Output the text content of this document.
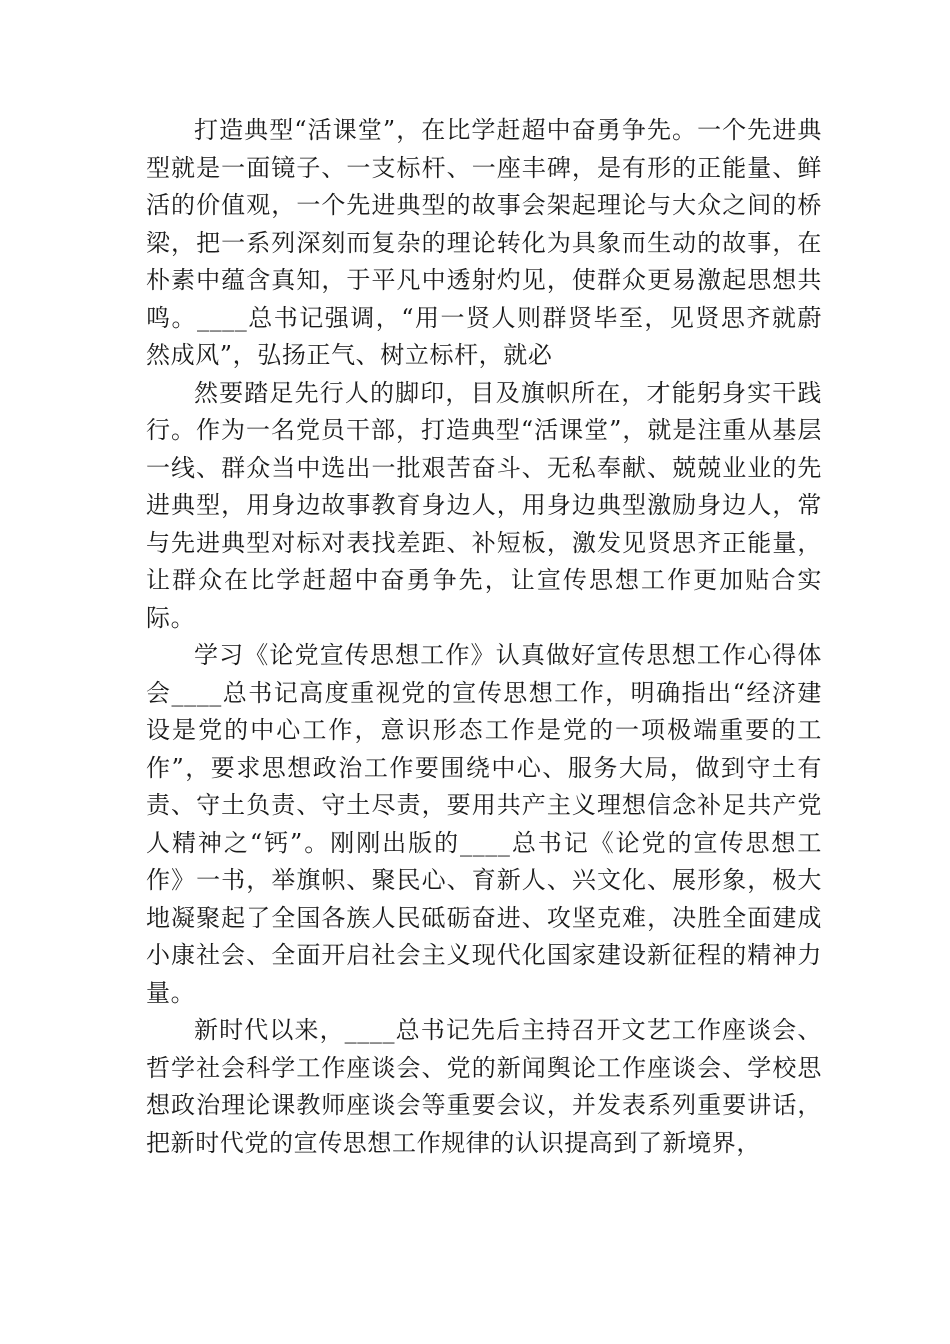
打造典型“活课堂”，在比学赶超中奋勇争先。一个先进典型就是一面镜子、一支标杆、一座丰碑，是有形的正能量、鲜活的价值观，一个先进典型的故事会架起理论与大众之间的桥梁，把一系列深刻而复杂的理论转化为具象而生动的故事，在朴素中蕴含真知，于平凡中透射灼见，使群众更易激起思想共鸣。____总书记强调，“用一贤人则群贤毕至，见贤思齐就蔚然成风”，弘扬正气、树立标杆，就必

然要踏足先行人的脚印，目及旗帜所在，才能躬身实干践行。作为一名党员干部，打造典型“活课堂”，就是注重从基层一线、群众当中选出一批艰苦奋斗、无私奉献、兢兢业业的先进典型，用身边故事教育身边人，用身边典型激励身边人，常与先进典型对标对表找差距、补短板，激发见贤思齐正能量，让群众在比学赶超中奋勇争先，让宣传思想工作更加贴合实际。

学习《论党宣传思想工作》认真做好宣传思想工作心得体会____总书记高度重视党的宣传思想工作，明确指出“经济建设是党的中心工作，意识形态工作是党的一项极端重要的工作”，要求思想政治工作要围绕中心、服务大局，做到守土有责、守土负责、守土尽责，要用共产主义理想信念补足共产党人精神之“钙”。刚刚出版的____总书记《论党的宣传思想工作》一书，举旗帜、聚民心、育新人、兴文化、展形象，极大地凝聚起了全国各族人民砥砺奋进、攻坚克难，决胜全面建成小康社会、全面开启社会主义现代化国家建设新征程的精神力量。

新时代以来，____总书记先后主持召开文艺工作座谈会、哲学社会科学工作座谈会、党的新闻舆论工作座谈会、学校思想政治理论课教师座谈会等重要会议，并发表系列重要讲话，把新时代党的宣传思想工作规律的认识提高到了新境界，
